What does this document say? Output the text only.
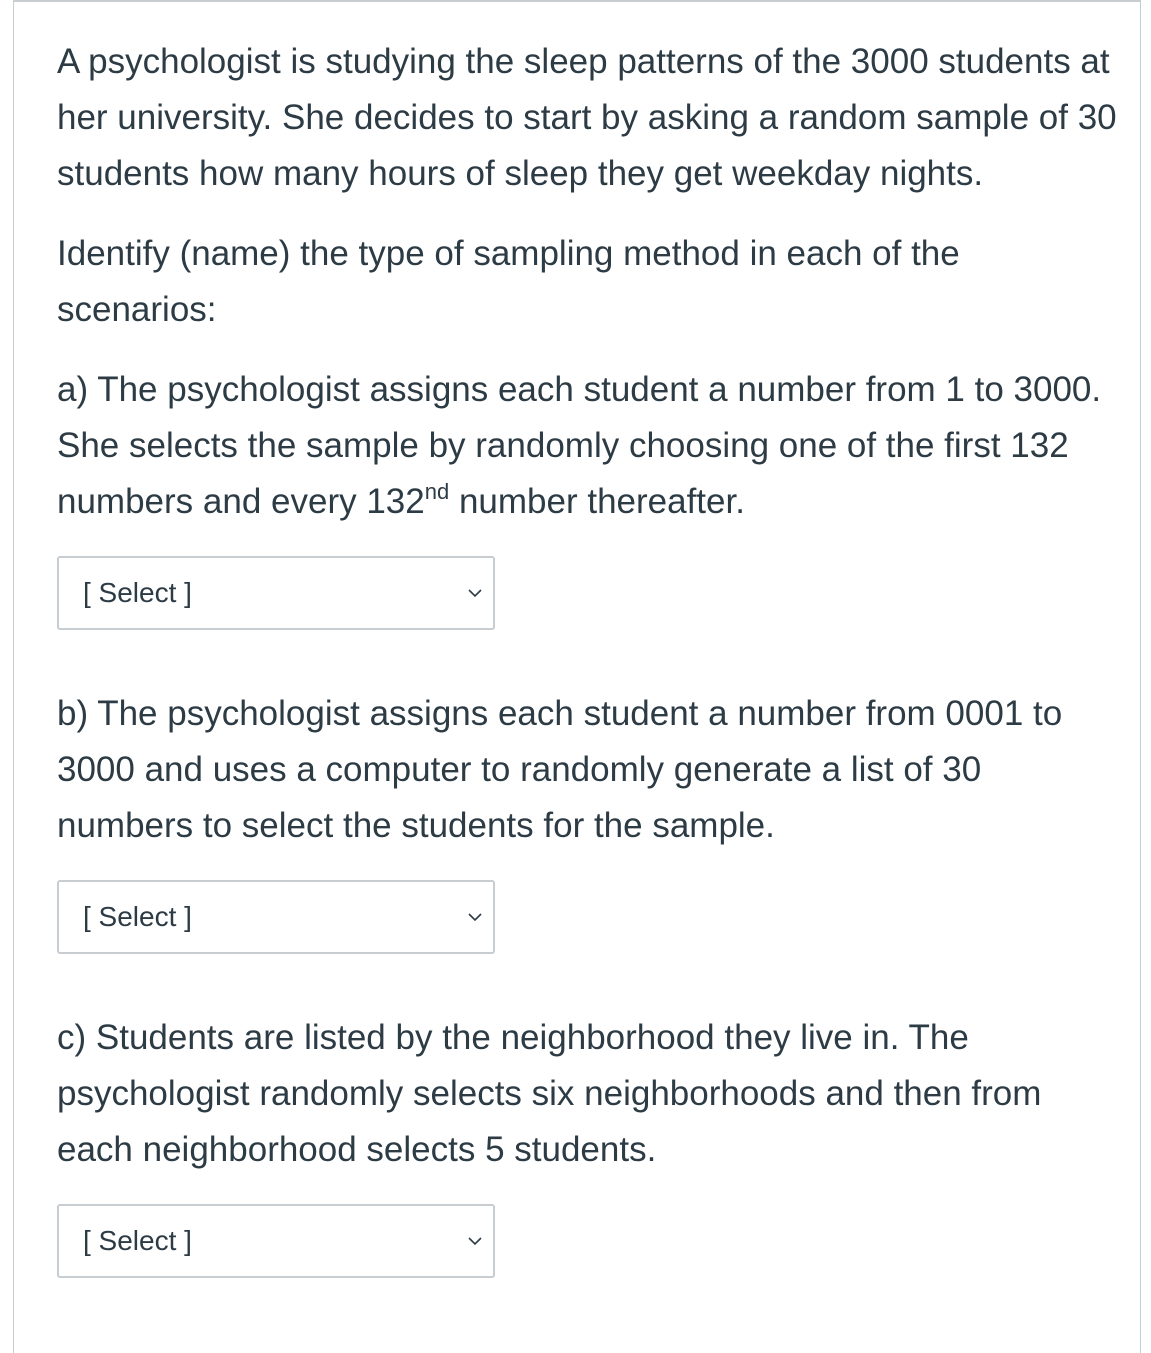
A psychologist is studying the sleep patterns of the 3000 students at her university. She decides to start by asking a random sample of 30 students how many hours of sleep they get weekday nights.

Identify (name) the type of sampling method in each of the scenarios:

a) The psychologist assigns each student a number from 1 to 3000. She selects the sample by randomly choosing one of the first 132 numbers and every 132nd number thereafter.

[ Select ]

b) The psychologist assigns each student a number from 0001 to 3000 and uses a computer to randomly generate a list of 30 numbers to select the students for the sample.

[ Select ]

c) Students are listed by the neighborhood they live in. The psychologist randomly selects six neighborhoods and then from each neighborhood selects 5 students.

[ Select ]
